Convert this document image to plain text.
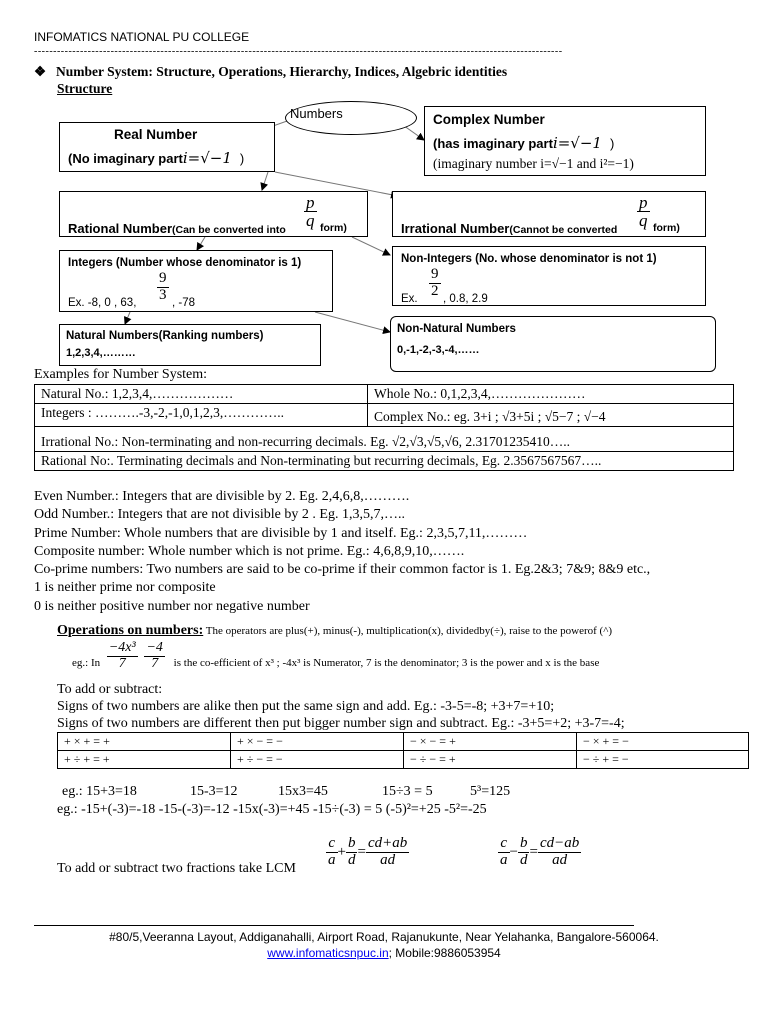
INFOMATICS NATIONAL PU COLLEGE
------------------------------------------------------------------------------------------------------------------------------------------
❖ Number System: Structure, Operations, Hierarchy, Indices, Algebric identities
Structure
Numbers
Real Number
(No imaginary parti=√−1 )
Complex Number
(has imaginary parti=√−1 )
(imaginary number i=√−1 and i²=−1)
Rational Number(Can be converted into
p
q form)	Irrational Number(Cannot be converted
p
q form)
Integers (Number whose denominator is 1)
Ex. -8, 0 , 63,
9
3
, -78
Non-Integers (No. whose denominator is not 1)
Ex.
9
2
, 0.8, 2.9
Natural Numbers(Ranking numbers)
1,2,3,4,………
Non-Natural Numbers
0,-1,-2,-3,-4,……
Examples for Number System:
Natural No.: 1,2,3,4,………………	Whole No.: 0,1,2,3,4,…………………
Integers : ……….-3,-2,-1,0,1,2,3,…………..	Complex No.: eg. 3+i ; √3+5i ; √5−7 ; √−4
Irrational No.: Non-terminating and non-recurring decimals. Eg. √2,√3,√5,√6, 2.31701235410…..	
Rational No:. Terminating decimals and Non-terminating but recurring decimals, Eg. 2.3567567567…..	
Even Number.: Integers that are divisible by 2. Eg. 2,4,6,8,……….
Odd Number.: Integers that are not divisible by 2 . Eg. 1,3,5,7,…..
Prime Number: Whole numbers that are divisible by 1 and itself. Eg.: 2,3,5,7,11,………
Composite number: Whole number which is not prime. Eg.: 4,6,8,9,10,…….
Co-prime numbers: Two numbers are said to be co-prime if their common factor is 1. Eg.2&3; 7&9; 8&9 etc.,
1 is neither prime nor composite
0 is neither positive number nor negative number
Operations on numbers: The operators are plus(+), minus(-), multiplication(x), dividedby(÷), raise to the powerof (^)
eg.: In $\frac{\text{−4x³}}{7}$
$\frac{-4}{7}$ is the co-efficient of x³ ; -4x³ is Numerator, 7 is the denominator; 3 is the power and x is the base
To add or subtract:
Signs of two numbers are alike then put the same sign and add. Eg.: -3-5=-8; +3+7=+10;
Signs of two numbers are different then put bigger number sign and subtract. Eg.: -3+5=+2; +3-7=-4;
+ × + = +	+ × − = −	− × − = +	− × + = −
+ ÷ + = +	+ ÷ − = −	− ÷ − = +	− ÷ + = −
eg.: 15+3=18	15-3=12	15x3=45	15÷3 = 5	5³=125
eg.: -15+(-3)=-18 -15-(-3)=-12 -15x(-3)=+45 -15÷(-3) = 5 (-5)²=+25 -5²=-25
To add or subtract two fractions take LCM $\frac{c}{a} + \frac{b}{d} = \frac{cd+ab}{ad}$	$\frac{c}{a} - \frac{b}{d} = \frac{cd-ab}{ad}$
#80/5,Veeranna Layout, Addiganahalli, Airport Road, Rajanukunte, Near Yelahanka, Bangalore-560064.
www.infomaticsnpuc.in; Mobile:9886053954
